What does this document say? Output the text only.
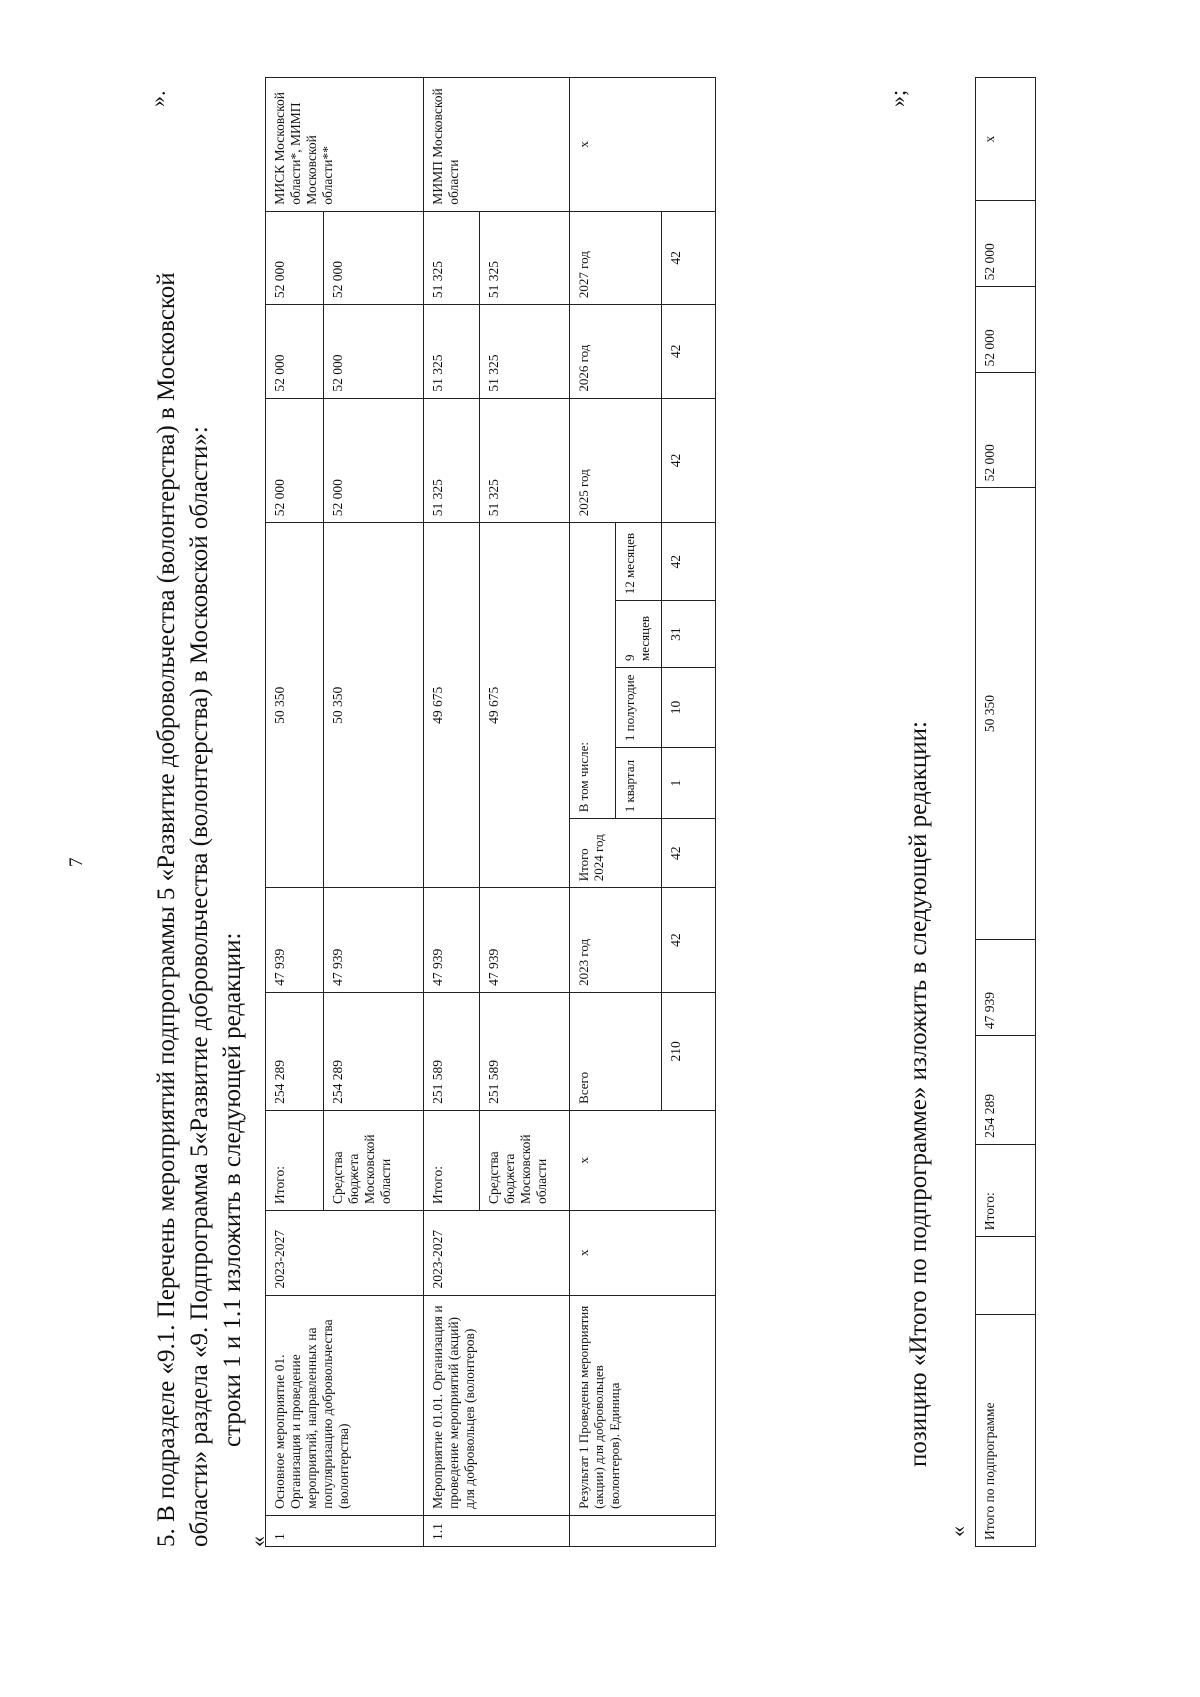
7	5. В подразделе «9.1. Перечень мероприятий подпрограммы 5 «Развитие добровольчества (волонтерства) в Московской области» раздела «9. Подпрограмма 5«Развитие добровольчества (волонтерства) в Московской области»: строки 1 и 1.1 изложить в следующей редакции:
«
».
1	Основное мероприятие 01. Организация и проведение мероприятий, направленных на популяризацию добровольчества (волонтерства)	2023-2027	Итого:	254 289	47 939	50 350					52 000	52 000	52 000	МИСК Московской области*, МИМП Московской области**
			Средства бюджета Московской области	254 289	47 939	50 350					52 000	52 000	52 000	
1.1	Мероприятие 01.01. Организация и проведение мероприятий (акций) для добровольцев (волонтеров)	2023-2027	Итого:	251 589	47 939	49 675					51 325	51 325	51 325	МИМП Московской области
			Средства бюджета Московской области	251 589	47 939	49 675					51 325	51 325	51 325	
	Результат 1 Проведены мероприятия (акции) для добровольцев (волонтеров). Единица	x	x	Всего	2023 год	Итого 2024 год	В том числе:				2025 год	2026 год	2027 год	x
							1 квартал	1 полугодие	9 месяцев	12 месяцев				
				210	42	42	1	10	31	42	42	42	42	
»;
позицию «Итого по подпрограмме» изложить в следующей редакции:
« Итого по подпрограмме		Итого:	254 289	47 939	50 350	52 000	52 000	52 000	x
